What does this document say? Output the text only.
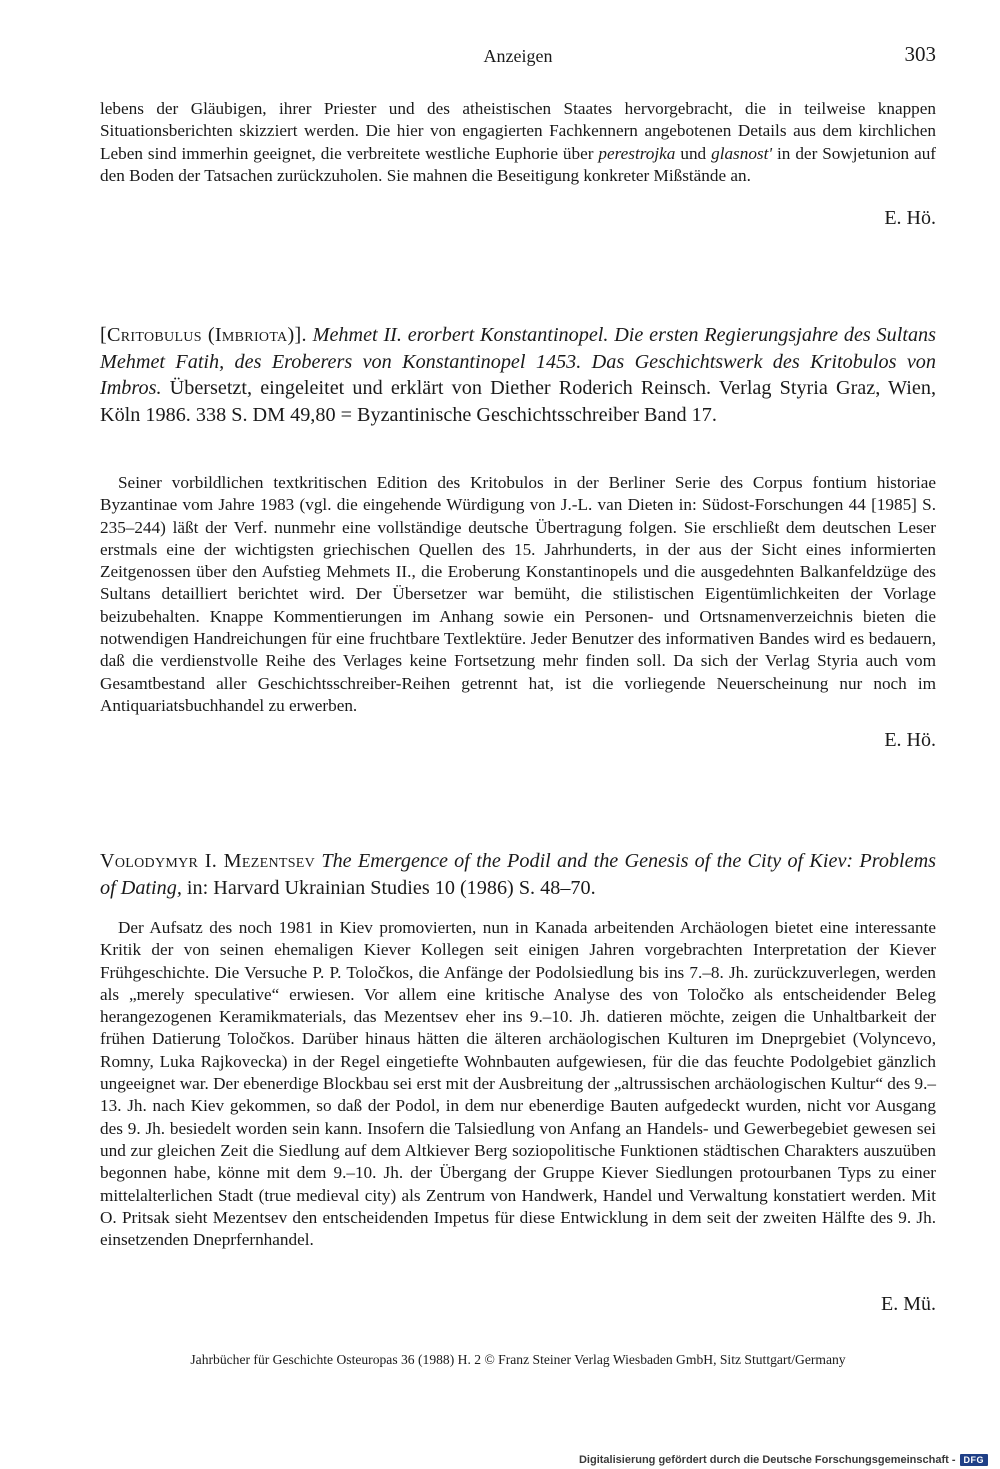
Anzeigen	303

lebens der Gläubigen, ihrer Priester und des atheistischen Staates hervorgebracht, die in teilweise knappen Situationsberichten skizziert werden. Die hier von engagierten Fachkennern angebotenen Details aus dem kirchlichen Leben sind immerhin geeignet, die verbreitete westliche Euphorie über perestrojka und glasnost' in der Sowjetunion auf den Boden der Tatsachen zurückzuholen. Sie mahnen die Beseitigung konkreter Mißstände an.

E. Hö.

[Critobulus (Imbriota)]. Mehmet II. erorbert Konstantinopel. Die ersten Regierungsjahre des Sultans Mehmet Fatih, des Eroberers von Konstantinopel 1453. Das Geschichtswerk des Kritobulos von Imbros. Übersetzt, eingeleitet und erklärt von Diether Roderich Reinsch. Verlag Styria Graz, Wien, Köln 1986. 338 S. DM 49,80 = Byzantinische Geschichtsschreiber Band 17.

Seiner vorbildlichen textkritischen Edition des Kritobulos in der Berliner Serie des Corpus fontium historiae Byzantinae vom Jahre 1983 (vgl. die eingehende Würdigung von J.-L. van Dieten in: Südost-Forschungen 44 [1985] S. 235–244) läßt der Verf. nunmehr eine vollständige deutsche Übertragung folgen. Sie erschließt dem deutschen Leser erstmals eine der wichtigsten griechischen Quellen des 15. Jahrhunderts, in der aus der Sicht eines informierten Zeitgenossen über den Aufstieg Mehmets II., die Eroberung Konstantinopels und die ausgedehnten Balkanfeldzüge des Sultans detailliert berichtet wird. Der Übersetzer war bemüht, die stilistischen Eigentümlichkeiten der Vorlage beizubehalten. Knappe Kommentierungen im Anhang sowie ein Personen- und Ortsnamenverzeichnis bieten die notwendigen Handreichungen für eine fruchtbare Textlektüre. Jeder Benutzer des informativen Bandes wird es bedauern, daß die verdienstvolle Reihe des Verlages keine Fortsetzung mehr finden soll. Da sich der Verlag Styria auch vom Gesamtbestand aller Geschichtsschreiber-Reihen getrennt hat, ist die vorliegende Neuerscheinung nur noch im Antiquariatsbuchhandel zu erwerben.

E. Hö.

Volodymyr I. Mezentsev The Emergence of the Podil and the Genesis of the City of Kiev: Problems of Dating, in: Harvard Ukrainian Studies 10 (1986) S. 48–70.

Der Aufsatz des noch 1981 in Kiev promovierten, nun in Kanada arbeitenden Archäologen bietet eine interessante Kritik der von seinen ehemaligen Kiever Kollegen seit einigen Jahren vorgebrachten Interpretation der Kiever Frühgeschichte. Die Versuche P. P. Toločkos, die Anfänge der Podolsiedlung bis ins 7.–8. Jh. zurückzuverlegen, werden als „merely speculative“ erwiesen. Vor allem eine kritische Analyse des von Toločko als entscheidender Beleg herangezogenen Keramikmaterials, das Mezentsev eher ins 9.–10. Jh. datieren möchte, zeigen die Unhaltbarkeit der frühen Datierung Toločkos. Darüber hinaus hätten die älteren archäologischen Kulturen im Dneprgebiet (Volyncevo, Romny, Luka Rajkovecka) in der Regel eingetiefte Wohnbauten aufgewiesen, für die das feuchte Podolgebiet gänzlich ungeeignet war. Der ebenerdige Blockbau sei erst mit der Ausbreitung der „altrussischen archäologischen Kultur“ des 9.–13. Jh. nach Kiev gekommen, so daß der Podol, in dem nur ebenerdige Bauten aufgedeckt wurden, nicht vor Ausgang des 9. Jh. besiedelt worden sein kann. Insofern die Talsiedlung von Anfang an Handels- und Gewerbegebiet gewesen sei und zur gleichen Zeit die Siedlung auf dem Altkiever Berg soziopolitische Funktionen städtischen Charakters auszuüben begonnen habe, könne mit dem 9.–10. Jh. der Übergang der Gruppe Kiever Siedlungen protourbanen Typs zu einer mittelalterlichen Stadt (true medieval city) als Zentrum von Handwerk, Handel und Verwaltung konstatiert werden. Mit O. Pritsak sieht Mezentsev den entscheidenden Impetus für diese Entwicklung in dem seit der zweiten Hälfte des 9. Jh. einsetzenden Dneprfernhandel.

E. Mü.
Jahrbücher für Geschichte Osteuropas 36 (1988) H. 2 © Franz Steiner Verlag Wiesbaden GmbH, Sitz Stuttgart/Germany
Digitalisierung gefördert durch die Deutsche Forschungsgemeinschaft - DFG
